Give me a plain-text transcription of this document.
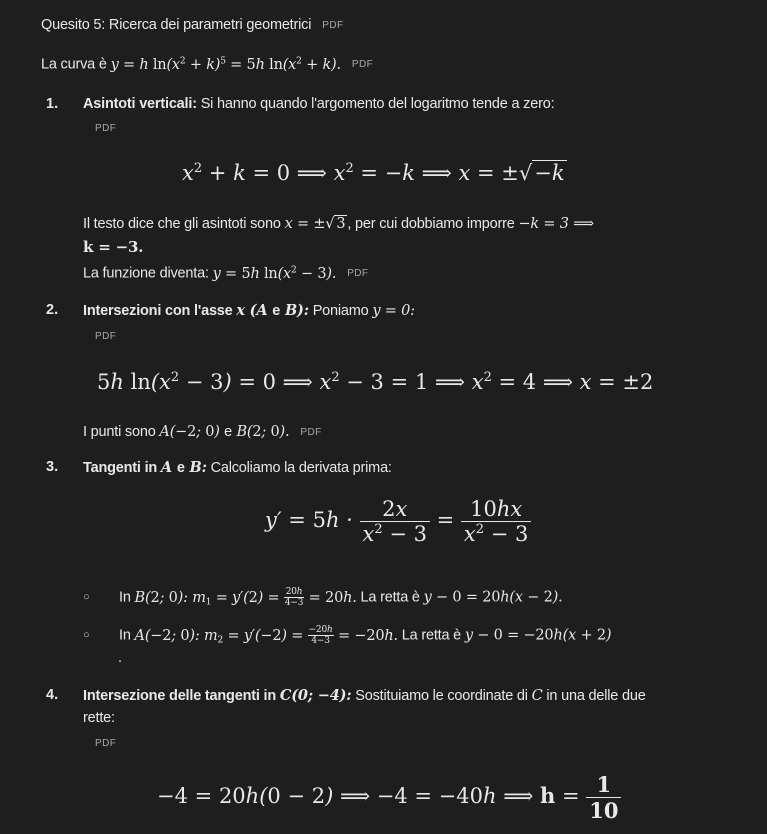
Quesito 5: Ricerca dei parametri geometrici PDF
La curva è y = h $\ln(x^2 + k)^5 = 5h$ $\ln(x^2 + k)$. PDF
1. Asintoti verticali: Si hanno quando l'argomento del logaritmo tende a zero:
PDF
$x^2 + k = 0$ ⟹ $x^2 = -k$ ⟹ x = ±√−k
Il testo dice che gli asintoti sono x = ±√ 3 , per cui dobbiamo imporre −k = 3 ⟹
k = −3.
La funzione diventa: y = 5h $\ln(x^2 - 3)$. PDF
2. Intersezioni con l'asse x (A e B): Poniamo y = 0:
PDF
5h $\ln(x^2 - 3) = 0$ ⟹ $x^2 - 3 = 1$ ⟹ $x^2 = 4$ ⟹ x = ±2
I punti sono A(−2; 0) e B(2; 0). PDF
3. Tangenti in A e B: Calcoliamo la derivata prima:
$y' = 5h \cdot \frac{2x}{x^2 - 3} = \frac{10hx}{x^2 - 3}$
○ In B(2; 0): $m_1 = y'(2) = \frac{20h}{4-3} = 20h$. La retta è y − 0 = 20h(x − 2).
○ In A(−2; 0): $m_2 = y'(-2) = \frac{-20h}{4-3} = -20h$. La retta è y − 0 = −20h(x + 2)
.
4. Intersezione delle tangenti in C(0; −4): Sostituiamo le coordinate di C in una delle due
rette:
PDF
−4 = 20h(0 − 2) ⟹ −4 = −40h ⟹ $h = \frac{1}{10}$
